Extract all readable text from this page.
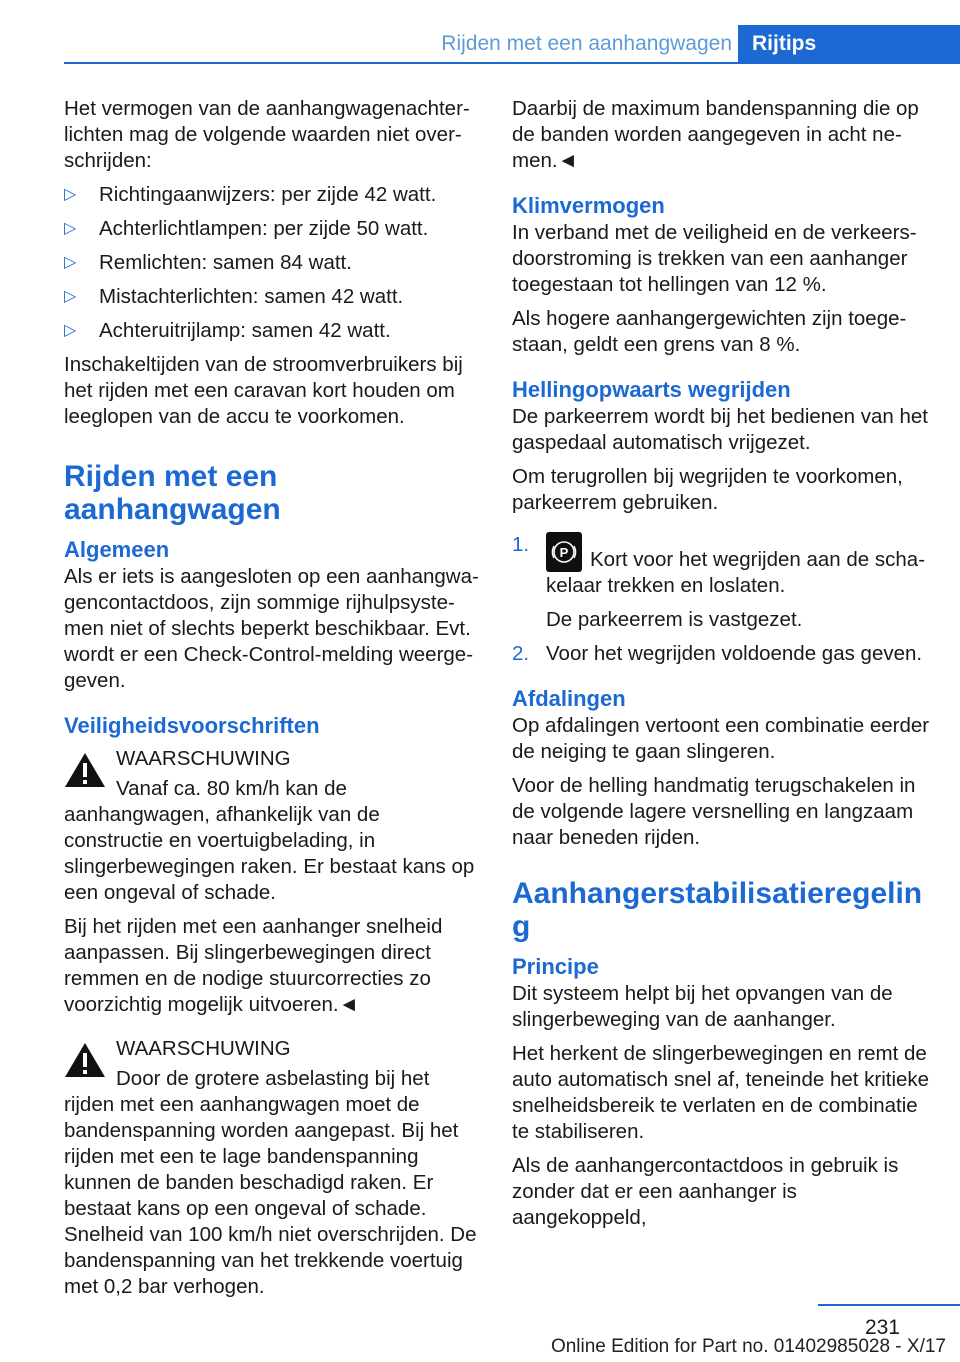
Rijden met een aanhangwagen Rijtips

Het vermogen van de aanhangwagenachterlichten mag de volgende waarden niet overschrijden:

▷ Richtingaanwijzers: per zijde 42 watt.
▷ Achterlichtlampen: per zijde 50 watt.
▷ Remlichten: samen 84 watt.
▷ Mistachterlichten: samen 42 watt.
▷ Achteruitrijlamp: samen 42 watt.

Inschakeltijden van de stroomverbruikers bij het rijden met een caravan kort houden om leeglopen van de accu te voorkomen.

Rijden met een aanhangwagen
Algemeen

Als er iets is aangesloten op een aanhangwagencontactdoos, zijn sommige rijhulpsystemen niet of slechts beperkt beschikbaar. Evt. wordt er een Check-Control-melding weergegeven.

Veiligheidsvoorschriften

WAARSCHUWING

Vanaf ca. 80 km/h kan de aanhangwagen, afhankelijk van de constructie en voertuigbelading, in slingerbewegingen raken. Er bestaat kans op een ongeval of schade.

Bij het rijden met een aanhanger snelheid aanpassen. Bij slingerbewegingen direct remmen en de nodige stuurcorrecties zo voorzichtig mogelijk uitvoeren.◄

WAARSCHUWING

Door de grotere asbelasting bij het rijden met een aanhangwagen moet de bandenspanning worden aangepast. Bij het rijden met een te lage bandenspanning kunnen de banden beschadigd raken. Er bestaat kans op een ongeval of schade. Snelheid van 100 km/h niet overschrijden. De bandenspanning van het trekkende voertuig met 0,2 bar verhogen.

Daarbij de maximum bandenspanning die op de banden worden aangegeven in acht nemen.◄

Klimvermogen

In verband met de veiligheid en de verkeersdoorstroming is trekken van een aanhanger toegestaan tot hellingen van 12 %.

Als hogere aanhangergewichten zijn toegestaan, geldt een grens van 8 %.

Hellingopwaarts wegrijden

De parkeerrem wordt bij het bedienen van het gaspedaal automatisch vrijgezet.

Om terugrollen bij wegrijden te voorkomen, parkeerrem gebruiken.

1. P Kort voor het wegrijden aan de schakelaar trekken en loslaten.

De parkeerrem is vastgezet.

2. Voor het wegrijden voldoende gas geven.
Afdalingen

Op afdalingen vertoont een combinatie eerder de neiging te gaan slingeren.

Voor de helling handmatig terugschakelen in de volgende lagere versnelling en langzaam naar beneden rijden.

Aanhangerstabilisatieregelin g
Principe

Dit systeem helpt bij het opvangen van de slingerbeweging van de aanhanger.

Het herkent de slingerbewegingen en remt de auto automatisch snel af, teneinde het kritieke snelheidsbereik te verlaten en de combinatie te stabiliseren.

Als de aanhangercontactdoos in gebruik is zonder dat er een aanhanger is aangekoppeld,

231
Online Edition for Part no. 01402985028 - X/17
